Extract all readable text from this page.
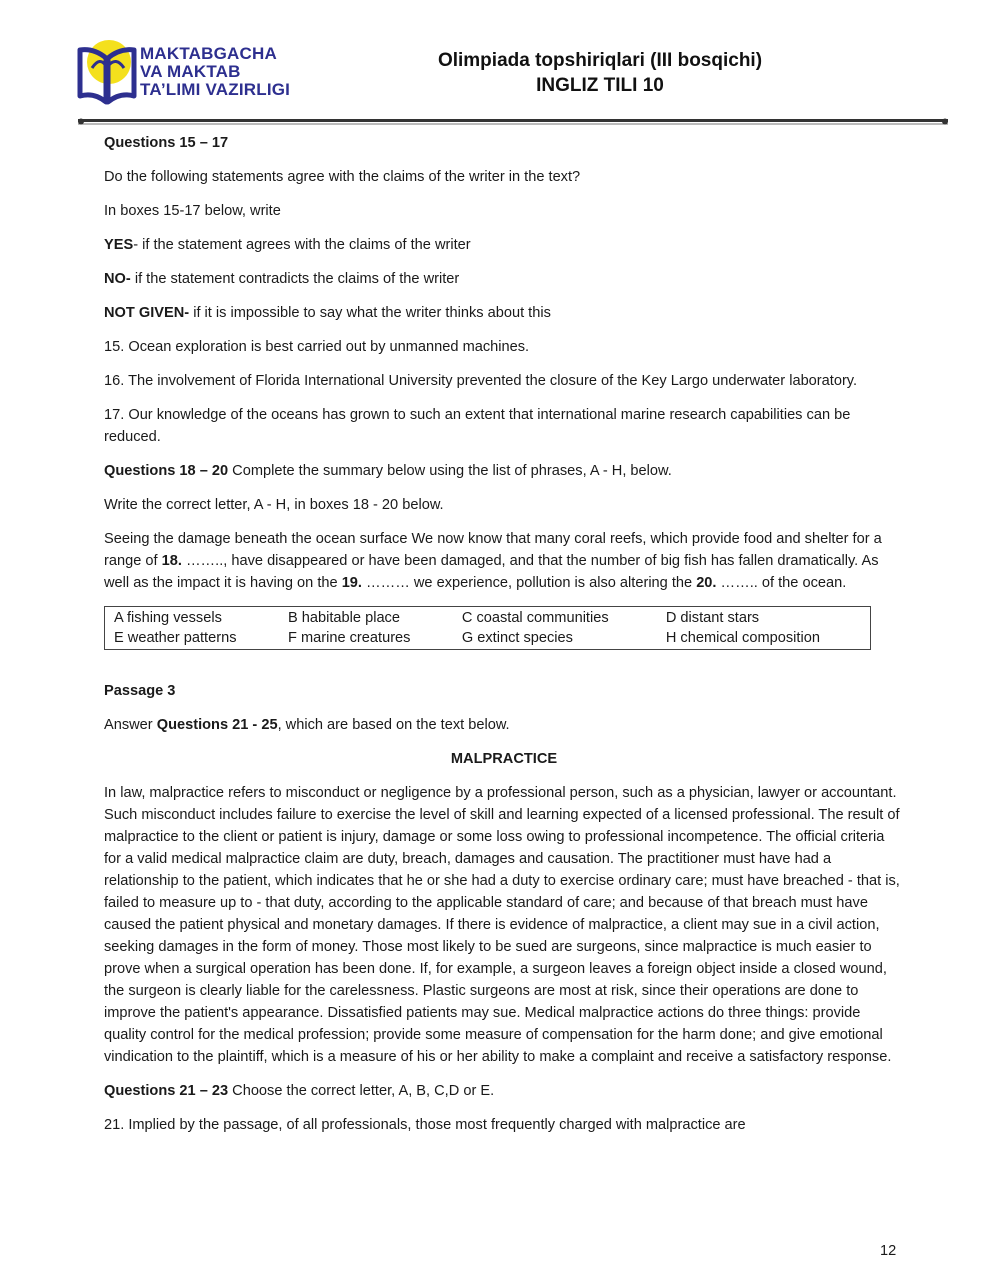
MAKTABGACHA
VA MAKTAB
TA’LIMI VAZIRLIGI
Olimpiada topshiriqlari (III bosqichi)
INGLIZ TILI 10

Questions 15 – 17

Do the following statements agree with the claims of the writer in the text?

In boxes 15-17 below, write

YES- if the statement agrees with the claims of the writer

NO- if the statement contradicts the claims of the writer

NOT GIVEN- if it is impossible to say what the writer thinks about this

15. Ocean exploration is best carried out by unmanned machines.

16. The involvement of Florida International University prevented the closure of the Key Largo underwater laboratory.

17. Our knowledge of the oceans has grown to such an extent that international marine research capabilities can be reduced.

Questions 18 – 20 Complete the summary below using the list of phrases, A - H, below.

Write the correct letter, A - H, in boxes 18 - 20 below.

Seeing the damage beneath the ocean surface We now know that many coral reefs, which provide food and shelter for a range of 18. …….., have disappeared or have been damaged, and that the number of big fish has fallen dramatically. As well as the impact it is having on the 19. ……… we experience, pollution is also altering the 20. …….. of the ocean.

A fishing vessels	B habitable place	C coastal communities	D distant stars
E weather patterns	F marine creatures	G extinct species	H chemical composition

Passage 3

Answer Questions 21 - 25, which are based on the text below.

MALPRACTICE

In law, malpractice refers to misconduct or negligence by a professional person, such as a physician, lawyer or accountant. Such misconduct includes failure to exercise the level of skill and learning expected of a licensed professional. The result of malpractice to the client or patient is injury, damage or some loss owing to professional incompetence. The official criteria for a valid medical malpractice claim are duty, breach, damages and causation. The practitioner must have had a relationship to the patient, which indicates that he or she had a duty to exercise ordinary care; must have breached - that is, failed to measure up to - that duty, according to the applicable standard of care; and because of that breach must have caused the patient physical and monetary damages. If there is evidence of malpractice, a client may sue in a civil action, seeking damages in the form of money. Those most likely to be sued are surgeons, since malpractice is much easier to prove when a surgical operation has been done. If, for example, a surgeon leaves a foreign object inside a closed wound, the surgeon is clearly liable for the carelessness. Plastic surgeons are most at risk, since their operations are done to improve the patient's appearance. Dissatisfied patients may sue. Medical malpractice actions do three things: provide quality control for the medical profession; provide some measure of compensation for the harm done; and give emotional vindication to the plaintiff, which is a measure of his or her ability to make a complaint and receive a satisfactory response.

Questions 21 – 23 Choose the correct letter, A, B, C,D or E.

21. Implied by the passage, of all professionals, those most frequently charged with malpractice are

12
